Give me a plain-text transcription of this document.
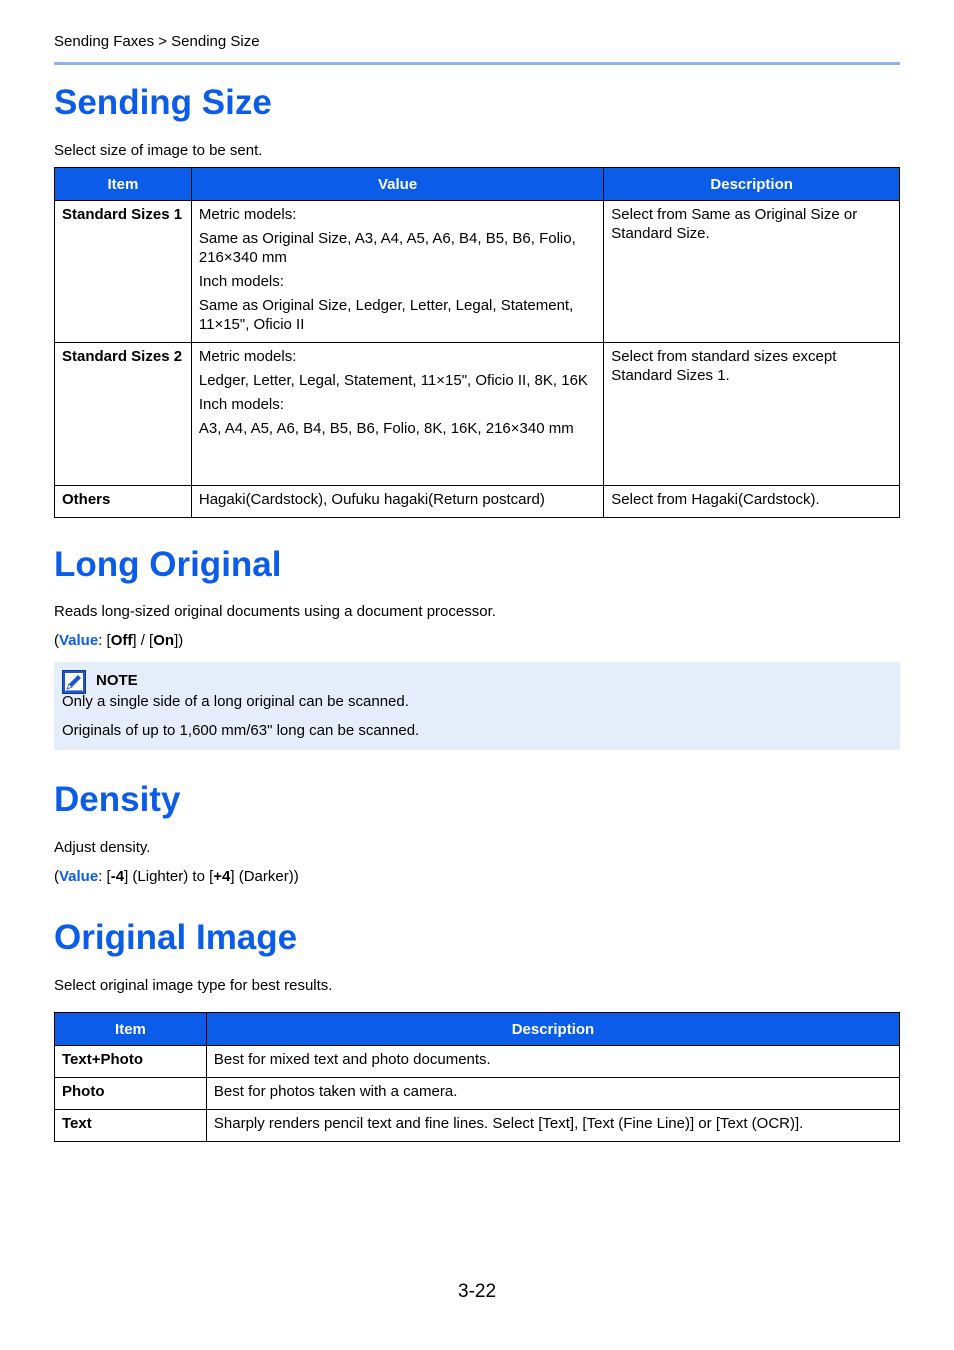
Sending Faxes > Sending Size
Sending Size
Select size of image to be sent.
Item	Value	Description
Standard Sizes 1	Metric models:

Same as Original Size, A3, A4, A5, A6, B4, B5, B6, Folio, 216×340 mm

Inch models:

Same as Original Size, Ledger, Letter, Legal, Statement, 11×15", Oficio II	Select from Same as Original Size or Standard Size.
Standard Sizes 2	Metric models:

Ledger, Letter, Legal, Statement, 11×15", Oficio II, 8K, 16K

Inch models:

A3, A4, A5, A6, B4, B5, B6, Folio, 8K, 16K, 216×340 mm	Select from standard sizes except Standard Sizes 1.
Others	Hagaki(Cardstock), Oufuku hagaki(Return postcard)	Select from Hagaki(Cardstock).
Long Original
Reads long-sized original documents using a document processor.
(Value: [Off] / [On])
NOTE
Only a single side of a long original can be scanned.
Originals of up to 1,600 mm/63" long can be scanned.
Density
Adjust density.
(Value: [-4] (Lighter) to [+4] (Darker))
Original Image
Select original image type for best results.
Item	Description
Text+Photo	Best for mixed text and photo documents.
Photo	Best for photos taken with a camera.
Text	Sharply renders pencil text and fine lines. Select [Text], [Text (Fine Line)] or [Text (OCR)].
3-22
